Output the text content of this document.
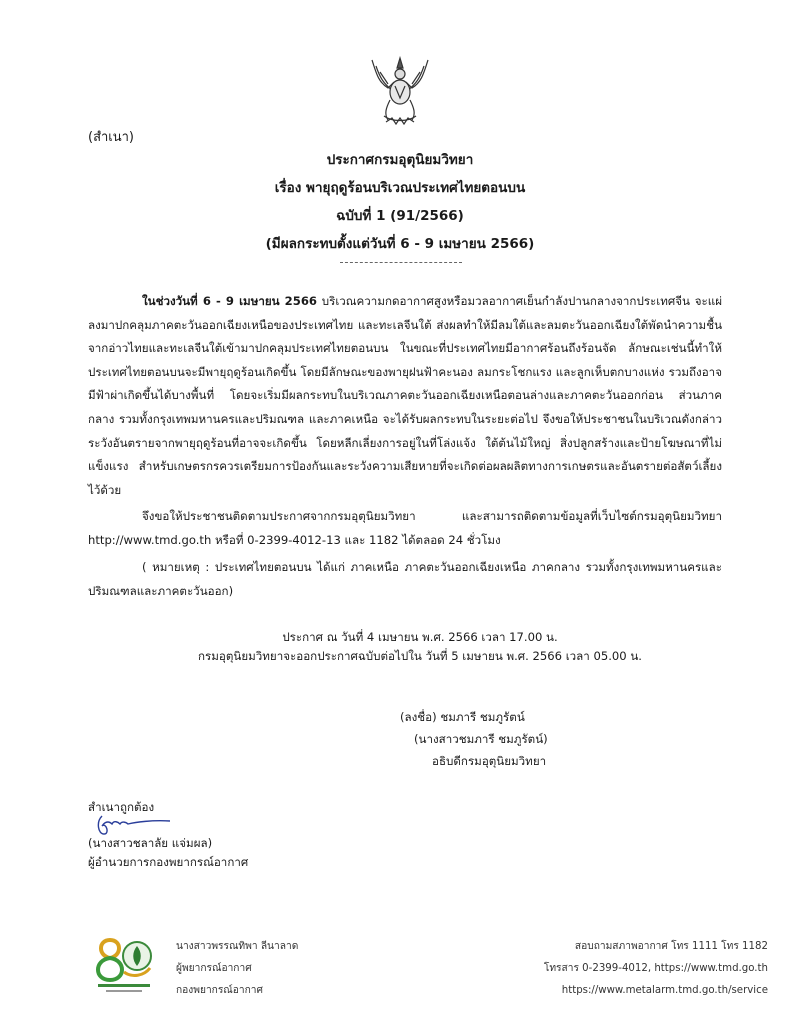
(สำเนา)
ประกาศกรมอุตุนิยมวิทยา
เรื่อง พายุฤดูร้อนบริเวณประเทศไทยตอนบน
ฉบับที่ 1 (91/2566)
(มีผลกระทบตั้งแต่วันที่ 6 - 9 เมษายน 2566)
ในช่วงวันที่ 6 - 9 เมษายน 2566 บริเวณความกดอากาศสูงหรือมวลอากาศเย็นกำลังปานกลางจากประเทศจีน จะแผ่ลงมาปกคลุมภาคตะวันออกเฉียงเหนือของประเทศไทย และทะเลจีนใต้ ส่งผลทำให้มีลมใต้และลมตะวันออกเฉียงใต้พัดนำความชื้นจากอ่าวไทยและทะเลจีนใต้เข้ามาปกคลุมประเทศไทยตอนบน ในขณะที่ประเทศไทยมีอากาศร้อนถึงร้อนจัด ลักษณะเช่นนี้ทำให้ประเทศไทยตอนบนจะมีพายุฤดูร้อนเกิดขึ้น โดยมีลักษณะของพายุฝนฟ้าคะนอง ลมกระโชกแรง และลูกเห็บตกบางแห่ง รวมถึงอาจมีฟ้าผ่าเกิดขึ้นได้บางพื้นที่ โดยจะเริ่มมีผลกระทบในบริเวณภาคตะวันออกเฉียงเหนือตอนล่างและภาคตะวันออกก่อน ส่วนภาคกลาง รวมทั้งกรุงเทพมหานครและปริมณฑล และภาคเหนือ จะได้รับผลกระทบในระยะต่อไป จึงขอให้ประชาชนในบริเวณดังกล่าวระวังอันตรายจากพายุฤดูร้อนที่อาจจะเกิดขึ้น โดยหลีกเลี่ยงการอยู่ในที่โล่งแจ้ง ใต้ต้นไม้ใหญ่ สิ่งปลูกสร้างและป้ายโฆษณาที่ไม่แข็งแรง สำหรับเกษตรกรควรเตรียมการป้องกันและระวังความเสียหายที่จะเกิดต่อผลผลิตทางการเกษตรและอันตรายต่อสัตว์เลี้ยงไว้ด้วย
จึงขอให้ประชาชนติดตามประกาศจากกรมอุตุนิยมวิทยา และสามารถติดตามข้อมูลที่เว็บไซต์กรมอุตุนิยมวิทยา http://www.tmd.go.th หรือที่ 0-2399-4012-13 และ 1182 ได้ตลอด 24 ชั่วโมง
( หมายเหตุ : ประเทศไทยตอนบน ได้แก่ ภาคเหนือ ภาคตะวันออกเฉียงเหนือ ภาคกลาง รวมทั้งกรุงเทพมหานครและปริมณฑลและภาคตะวันออก)
ประกาศ ณ วันที่ 4 เมษายน พ.ศ. 2566 เวลา 17.00 น.
กรมอุตุนิยมวิทยาจะออกประกาศฉบับต่อไปใน วันที่ 5 เมษายน พ.ศ. 2566 เวลา 05.00 น.
(ลงชื่อ) ชมภารี ชมภูรัตน์
(นางสาวชมภารี ชมภูรัตน์)
อธิบดีกรมอุตุนิยมวิทยา
สำเนาถูกต้อง
(นางสาวชลาลัย แจ่มผล)
ผู้อำนวยการกองพยากรณ์อากาศ
นางสาวพรรณทิพา ลีนาลาด
ผู้พยากรณ์อากาศ
กองพยากรณ์อากาศ
สอบถามสภาพอากาศ โทร 1111 โทร 1182
โทรสาร 0-2399-4012, https://www.tmd.go.th
https://www.metalarm.tmd.go.th/service
